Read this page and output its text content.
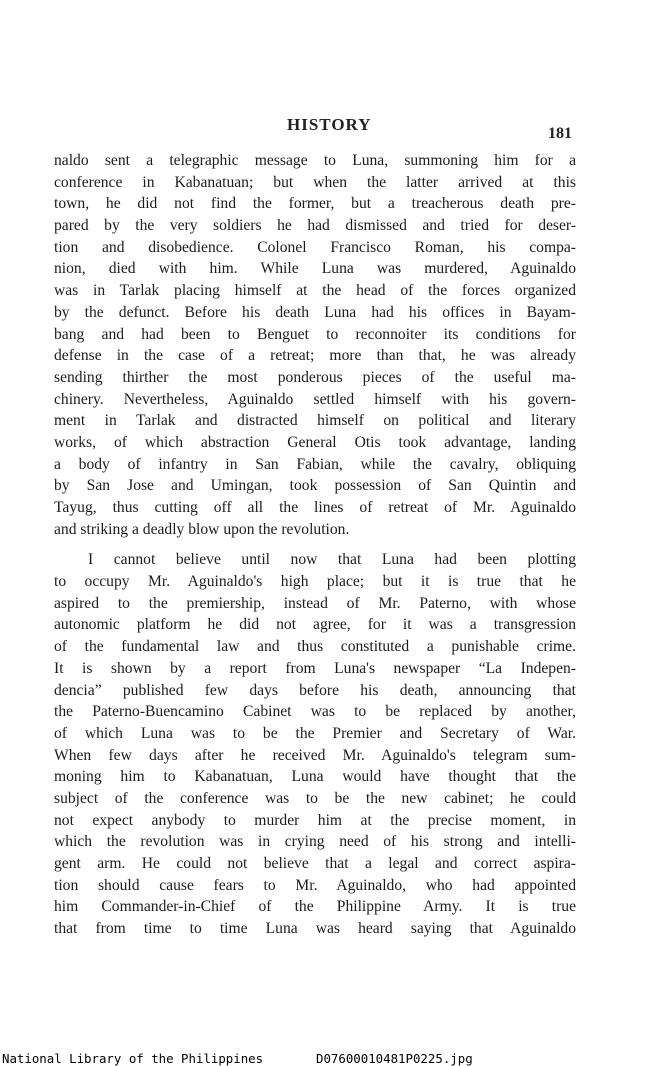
HISTORY	181
naldo sent a telegraphic message to Luna, summoning him for a
conference in Kabanatuan; but when the latter arrived at this
town, he did not find the former, but a treacherous death pre-
pared by the very soldiers he had dismissed and tried for deser-
tion and disobedience. Colonel Francisco Roman, his compa-
nion, died with him. While Luna was murdered, Aguinaldo
was in Tarlak placing himself at the head of the forces organized
by the defunct. Before his death Luna had his offices in Bayam-
bang and had been to Benguet to reconnoiter its conditions for
defense in the case of a retreat; more than that, he was already
sending thirther the most ponderous pieces of the useful ma-
chinery. Nevertheless, Aguinaldo settled himself with his govern-
ment in Tarlak and distracted himself on political and literary
works, of which abstraction General Otis took advantage, landing
a body of infantry in San Fabian, while the cavalry, obliquing
by San Jose and Umingan, took possession of San Quintin and
Tayug, thus cutting off all the lines of retreat of Mr. Aguinaldo
and striking a deadly blow upon the revolution.
I cannot believe until now that Luna had been plotting
to occupy Mr. Aguinaldo's high place; but it is true that he
aspired to the premiership, instead of Mr. Paterno, with whose
autonomic platform he did not agree, for it was a transgression
of the fundamental law and thus constituted a punishable crime.
It is shown by a report from Luna's newspaper “La Indepen-
dencia” published few days before his death, announcing that
the Paterno-Buencamino Cabinet was to be replaced by another,
of which Luna was to be the Premier and Secretary of War.
When few days after he received Mr. Aguinaldo's telegram sum-
moning him to Kabanatuan, Luna would have thought that the
subject of the conference was to be the new cabinet; he could
not expect anybody to murder him at the precise moment, in
which the revolution was in crying need of his strong and intelli-
gent arm. He could not believe that a legal and correct aspira-
tion should cause fears to Mr. Aguinaldo, who had appointed
him Commander-in-Chief of the Philippine Army. It is true
that from time to time Luna was heard saying that Aguinaldo
National Library of the Philippines	D07600010481P0225.jpg
